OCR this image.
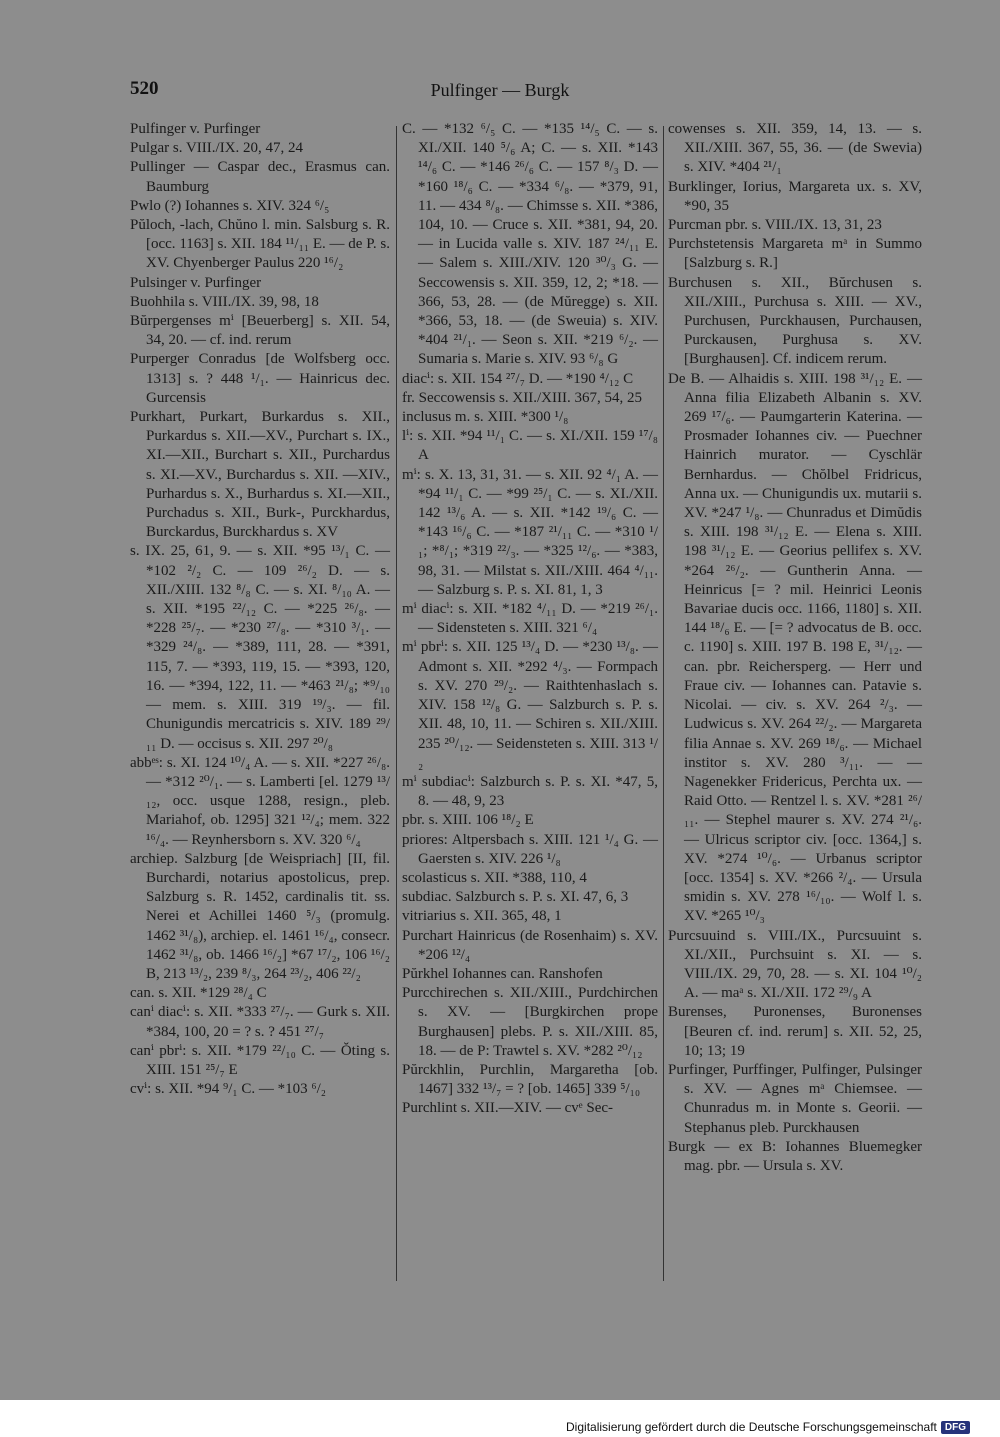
520	Pulfinger — Burgk

Pulfinger v. Purfinger

Pulgar s. VIII./IX. 20, 47, 24

Pullinger — Caspar dec., Erasmus can. Baumburg

Pwlo (?) Iohannes s. XIV. 324 ⁶/₅

Pŭloch, -lach, Chŭno l. min. Salsburg s. R. [occ. 1163] s. XII. 184 ¹¹/₁₁ E. — de P. s. XV. Chyenberger Paulus 220 ¹⁶/₂

Pulsinger v. Purfinger

Buohhila s. VIII./IX. 39, 98, 18

Bŭrpergenses mⁱ [Beuerberg] s. XII. 54, 34, 20. — cf. ind. rerum

Purperger Conradus [de Wolfsberg occ. 1313] s. ? 448 ¹/₁. — Hainricus dec. Gurcensis

Purkhart, Purkart, Burkardus s. XII., Purkardus s. XII.—XV., Purchart s. IX., XI.—XII., Burchart s. XII., Purchardus s. XI.—XV., Burchardus s. XII. —XIV., Purhardus s. X., Burhardus s. XI.—XII., Purchadus s. XII., Burk-, Purckhardus, Burckardus, Burckhardus s. XV

s. IX. 25, 61, 9. — s. XII. *95 ¹³/₁ C. — *102 ²/₂ C. — 109 ²⁶/₂ D. — s. XII./XIII. 132 ⁸/₈ C. — s. XI. ⁸/₁₀ A. — s. XII. *195 ²²/₁₂ C. — *225 ²⁶/₈. — *228 ²⁵/₇. — *230 ²⁷/₈. — *310 ³/₁. — *329 ²⁴/₈. — *389, 111, 28. — *391, 115, 7. — *393, 119, 15. — *393, 120, 16. — *394, 122, 11. — *463 ²¹/₈; *⁹/₁₀ — mem. s. XIII. 319 ¹⁹/₃. — fil. Chunigundis mercatricis s. XIV. 189 ²⁹/₁₁ D. — occisus s. XII. 297 ²⁰/₈

abbᵉˢ: s. XI. 124 ¹⁰/₄ A. — s. XII. *227 ²⁶/₈. — *312 ²⁰/₁. — s. Lamberti [el. 1279 ¹³/₁₂, occ. usque 1288, resign., pleb. Mariahof, ob. 1295] 321 ¹²/₄; mem. 322 ¹⁶/₄. — Reynhersborn s. XV. 320 ⁶/₄

archiep. Salzburg [de Weispriach] [II, fil. Burchardi, notarius apostolicus, prep. Salzburg s. R. 1452, cardinalis tit. ss. Nerei et Achillei 1460 ⁵/₃ (promulg. 1462 ³¹/₈), archiep. el. 1461 ¹⁶/₄, consecr. 1462 ³¹/₈, ob. 1466 ¹⁶/₂] *67 ¹⁷/₂, 106 ¹⁶/₂ B, 213 ¹³/₂, 239 ⁸/₃, 264 ²³/₂, 406 ²²/₂

can. s. XII. *129 ²⁸/₄ C

canⁱ diacⁱ: s. XII. *333 ²⁷/₇. — Gurk s. XII. *384, 100, 20 = ? s. ? 451 ²⁷/₇

canⁱ pbrⁱ: s. XII. *179 ²²/₁₀ C. — Ŏting s. XIII. 151 ²⁵/₇ E

cvⁱ: s. XII. *94 ⁹/₁ C. — *103 ⁶/₂

C. — *132 ⁶/₅ C. — *135 ¹⁴/₅ C. — s. XI./XII. 140 ⁵/₆ A; C. — s. XII. *143 ¹⁴/₆ C. — *146 ²⁶/₆ C. — 157 ⁸/₃ D. — *160 ¹⁸/₆ C. — *334 ⁶/₈. — *379, 91, 11. — 434 ⁸/₈. — Chimsse s. XII. *386, 104, 10. — Cruce s. XII. *381, 94, 20. — in Lucida valle s. XIV. 187 ²⁴/₁₁ E. — Salem s. XIII./XIV. 120 ³⁰/₃ G. — Seccowensis s. XII. 359, 12, 2; *18. — 366, 53, 28. — (de Mŭregge) s. XII. *366, 53, 18. — (de Sweuia) s. XIV. *404 ²¹/₁. — Seon s. XII. *219 ⁶/₂. — Sumaria s. Marie s. XIV. 93 ⁶/₈ G

diacⁱ: s. XII. 154 ²⁷/₇ D. — *190 ⁴/₁₂ C

fr. Seccowensis s. XII./XIII. 367, 54, 25

inclusus m. s. XIII. *300 ¹/₈

lⁱ: s. XII. *94 ¹¹/₁ C. — s. XI./XII. 159 ¹⁷/₈ A

mⁱ: s. X. 13, 31, 31. — s. XII. 92 ⁴/₁ A. — *94 ¹¹/₁ C. — *99 ²⁵/₁ C. — s. XI./XII. 142 ¹³/₆ A. — s. XII. *142 ¹⁹/₆ C. — *143 ¹⁶/₆ C. — *187 ²¹/₁₁ C. — *310 ¹/₁; *⁸/₁; *319 ²²/₃. — *325 ¹²/₆. — *383, 98, 31. — Milstat s. XII./XIII. 464 ⁴/₁₁. — Salzburg s. P. s. XI. 81, 1, 3

mⁱ diacⁱ: s. XII. *182 ⁴/₁₁ D. — *219 ²⁶/₁. — Sidensteten s. XIII. 321 ⁶/₄

mⁱ pbrⁱ: s. XII. 125 ¹³/₄ D. — *230 ¹³/₈. — Admont s. XII. *292 ⁴/₃. — Formpach s. XV. 270 ²⁹/₂. — Raithtenhaslach s. XIV. 158 ¹²/₈ G. — Salzburch s. P. s. XII. 48, 10, 11. — Schiren s. XII./XIII. 235 ²⁰/₁₂. — Seidensteten s. XIII. 313 ¹/₂

mⁱ subdiacⁱ: Salzburch s. P. s. XI. *47, 5, 8. — 48, 9, 23

pbr. s. XIII. 106 ¹⁸/₂ E

priores: Altpersbach s. XIII. 121 ¹/₄ G. — Gaersten s. XIV. 226 ¹/₈

scolasticus s. XII. *388, 110, 4

subdiac. Salzburch s. P. s. XI. 47, 6, 3

vitriarius s. XII. 365, 48, 1

Purchart Hainricus (de Rosenhaim) s. XV. *206 ¹²/₄

Pŭrkhel Iohannes can. Ranshofen

Purcchirechen s. XII./XIII., Purdchirchen s. XV. — [Burgkirchen prope Burghausen] plebs. P. s. XII./XIII. 85, 18. — de P: Trawtel s. XV. *282 ²⁰/₁₂

Pŭrckhlin, Purchlin, Margaretha [ob. 1467] 332 ¹³/₇ = ? [ob. 1465] 339 ⁵/₁₀

Purchlint s. XII.—XIV. — cvᵉ Sec-

cowenses s. XII. 359, 14, 13. — s. XII./XIII. 367, 55, 36. — (de Swevia) s. XIV. *404 ²¹/₁

Burklinger, Iorius, Margareta ux. s. XV, *90, 35

Purcman pbr. s. VIII./IX. 13, 31, 23

Purchstetensis Margareta mᵃ in Summo [Salzburg s. R.]

Burchusen s. XII., Bŭrchusen s. XII./XIII., Purchusa s. XIII. — XV., Purchusen, Purckhausen, Purchausen, Purckausen, Purghusa s. XV. [Burghausen]. Cf. indicem rerum.

De B. — Alhaidis s. XIII. 198 ³¹/₁₂ E. — Anna filia Elizabeth Albanin s. XV. 269 ¹⁷/₆. — Paumgarterin Katerina. — Prosmader Iohannes civ. — Puechner Hainrich murator. — Cyschlär Bernhardus. — Chŏlbel Fridricus, Anna ux. — Chunigundis ux. mutarii s. XV. *247 ¹/₈. — Chunradus et Dimŭdis s. XIII. 198 ³¹/₁₂ E. — Elena s. XIII. 198 ³¹/₁₂ E. — Georius pellifex s. XV. *264 ²⁶/₂. — Guntherin Anna. — Heinricus [= ? mil. Heinrici Leonis Bavariae ducis occ. 1166, 1180] s. XII. 144 ¹⁸/₆ E. — [= ? advocatus de B. occ. c. 1190] s. XIII. 197 B. 198 E, ³¹/₁₂. — can. pbr. Reichersperg. — Herr und Fraue civ. — Iohannes can. Patavie s. Nicolai. — civ. s. XV. 264 ²/₃. — Ludwicus s. XV. 264 ²²/₂. — Margareta filia Annae s. XV. 269 ¹⁸/₆. — Michael institor s. XV. 280 ³/₁₁. — — Nagenekker Fridericus, Perchta ux. — Raid Otto. — Rentzel l. s. XV. *281 ²⁶/₁₁. — Stephel maurer s. XV. 274 ²¹/₆. — Ulricus scriptor civ. [occ. 1364,] s. XV. *274 ¹⁰/₆. — Urbanus scriptor [occ. 1354] s. XV. *266 ²/₄. — Ursula smidin s. XV. 278 ¹⁶/₁₀. — Wolf l. s. XV. *265 ¹⁰/₃

Purcsuuind s. VIII./IX., Purcsuuint s. XI./XII., Purchsuint s. XI. — s. VIII./IX. 29, 70, 28. — s. XI. 104 ¹⁰/₂ A. — maᵃ s. XI./XII. 172 ²⁹/₉ A

Burenses, Puronenses, Buronenses [Beuren cf. ind. rerum] s. XII. 52, 25, 10; 13; 19

Purfinger, Purffinger, Pulfinger, Pulsinger s. XV. — Agnes mᵃ Chiemsee. — Chunradus m. in Monte s. Georii. — Stephanus pleb. Purckhausen

Burgk — ex B: Iohannes Bluemegker mag. pbr. — Ursula s. XV.

Digitalisierung gefördert durch die Deutsche Forschungsgemeinschaft DFG
